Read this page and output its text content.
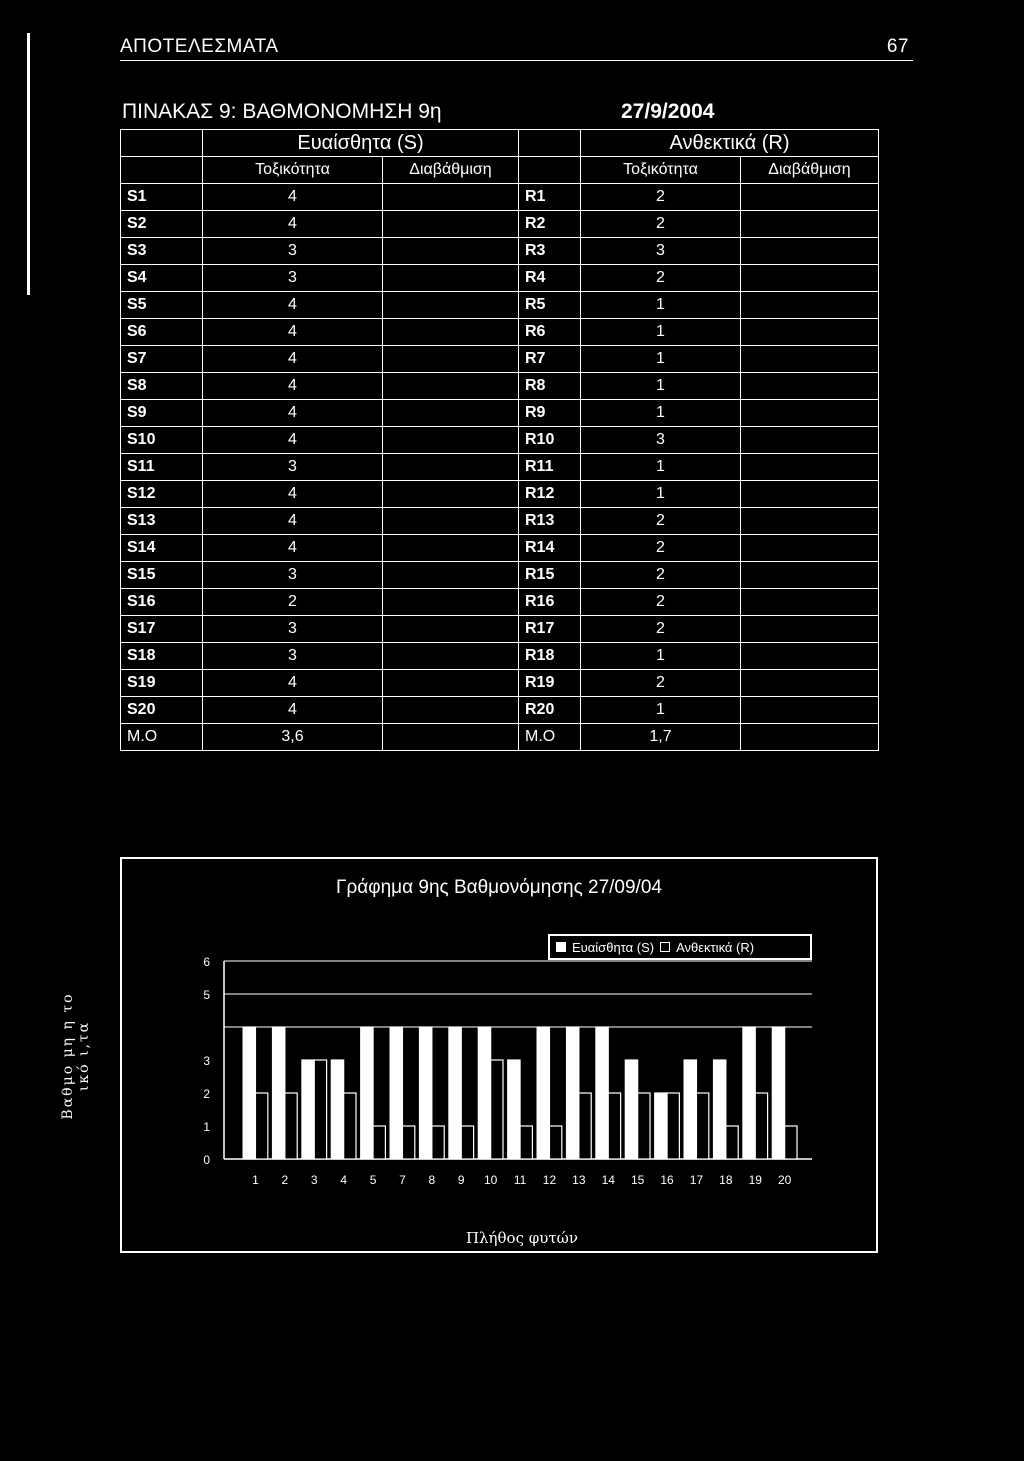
ΑΠΟΤΕΛΕΣΜΑΤΑ	67
ΠΙΝΑΚΑΣ 9: ΒΑΘΜΟΝΟΜΗΣΗ 9η	27/9/2004
	Ευαίσθητα (S)			Ανθεκτικά (R)	
	Τοξικότητα	Διαβάθμιση		Τοξικότητα	Διαβάθμιση
S1	4		R1	2	
S2	4		R2	2	
S3	3		R3	3	
S4	3		R4	2	
S5	4		R5	1	
S6	4		R6	1	
S7	4		R7	1	
S8	4		R8	1	
S9	4		R9	1	
S10	4		R10	3	
S11	3		R11	1	
S12	4		R12	1	
S13	4		R13	2	
S14	4		R14	2	
S15	3		R15	2	
S16	2		R16	2	
S17	3		R17	2	
S18	3		R18	1	
S19	4		R19	2	
S20	4		R20	1	
Μ.Ο	3,6		Μ.Ο	1,7	
Γράφημα 9ης Βαθμονόμησης 27/09/04
0
1
2
3
5
6
1 2 3 4 5 7 8 9 10 11 12 13 14 15 16 17 18 19 20
Πλήθος φυτών
Βαθμο μη η το ικό ι,τα
Ευαίσθητα (S) Ανθεκτικά (R)
